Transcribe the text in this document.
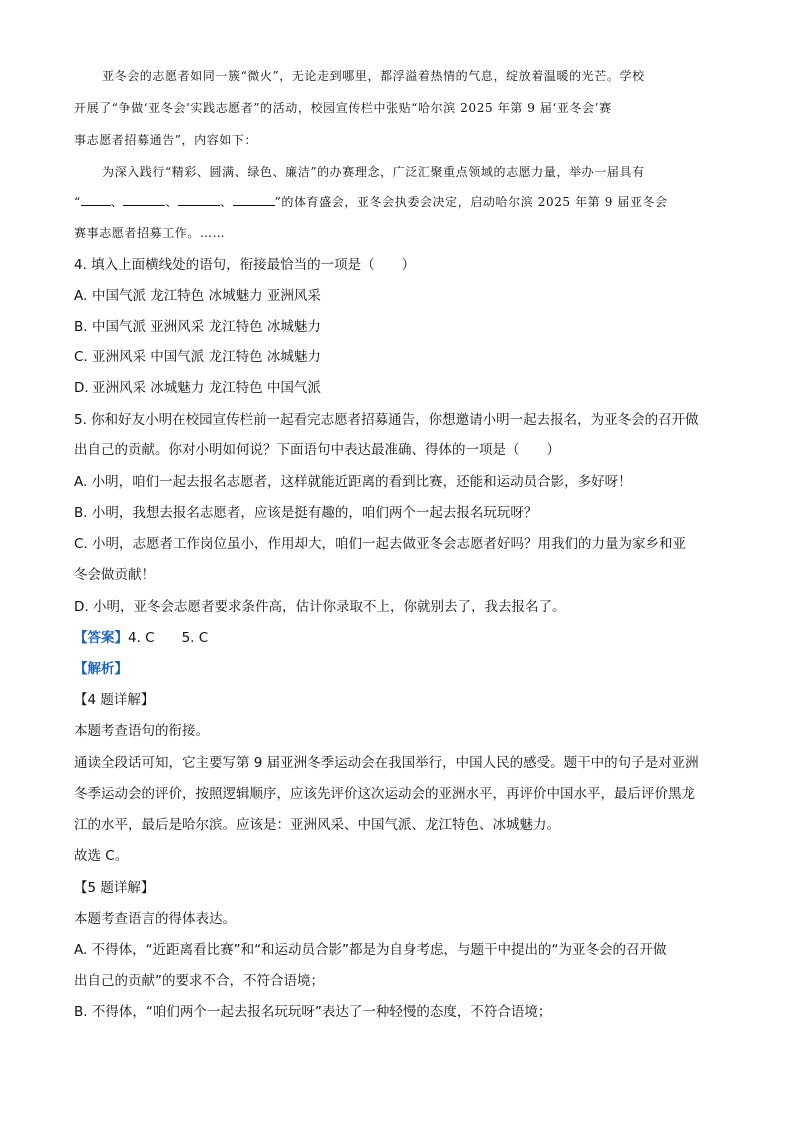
亚冬会的志愿者如同一簇“微火”，无论走到哪里，都浮溢着热情的气息，绽放着温暖的光芒。学校
开展了“争做‘亚冬会’实践志愿者”的活动，校园宣传栏中张贴“哈尔滨 2025 年第 9 届‘亚冬会’赛
事志愿者招募通告”，内容如下：
为深入践行“精彩、圆满、绿色、廉洁”的办赛理念，广泛汇聚重点领域的志愿力量，举办一届具有
“	、	、	、	”的体育盛会，亚冬会执委会决定，启动哈尔滨 2025 年第 9 届亚冬会
赛事志愿者招募工作。……
4. 填入上面横线处的语句，衔接最恰当的一项是（　　）
A. 中国气派 龙江特色 冰城魅力 亚洲风采
B. 中国气派 亚洲风采 龙江特色 冰城魅力
C. 亚洲风采 中国气派 龙江特色 冰城魅力
D. 亚洲风采 冰城魅力 龙江特色 中国气派
5. 你和好友小明在校园宣传栏前一起看完志愿者招募通告，你想邀请小明一起去报名，为亚冬会的召开做
出自己的贡献。你对小明如何说？下面语句中表达最准确、得体的一项是（　　）
A. 小明，咱们一起去报名志愿者，这样就能近距离的看到比赛，还能和运动员合影，多好呀！
B. 小明，我想去报名志愿者，应该是挺有趣的，咱们两个一起去报名玩玩呀？
C. 小明，志愿者工作岗位虽小，作用却大，咱们一起去做亚冬会志愿者好吗？用我们的力量为家乡和亚
冬会做贡献！
D. 小明，亚冬会志愿者要求条件高，估计你录取不上，你就别去了，我去报名了。
【答案】4. C　　5. C
【解析】
【4 题详解】
本题考查语句的衔接。
通读全段话可知，它主要写第 9 届亚洲冬季运动会在我国举行，中国人民的感受。题干中的句子是对亚洲
冬季运动会的评价，按照逻辑顺序，应该先评价这次运动会的亚洲水平，再评价中国水平，最后评价黑龙
江的水平，最后是哈尔滨。应该是：亚洲风采、中国气派、龙江特色、冰城魅力。
故选 C。
【5 题详解】
本题考查语言的得体表达。
A. 不得体，“近距离看比赛”和“和运动员合影”都是为自身考虑，与题干中提出的“为亚冬会的召开做
出自己的贡献”的要求不合，不符合语境；
B. 不得体，“咱们两个一起去报名玩玩呀”表达了一种轻慢的态度，不符合语境；
